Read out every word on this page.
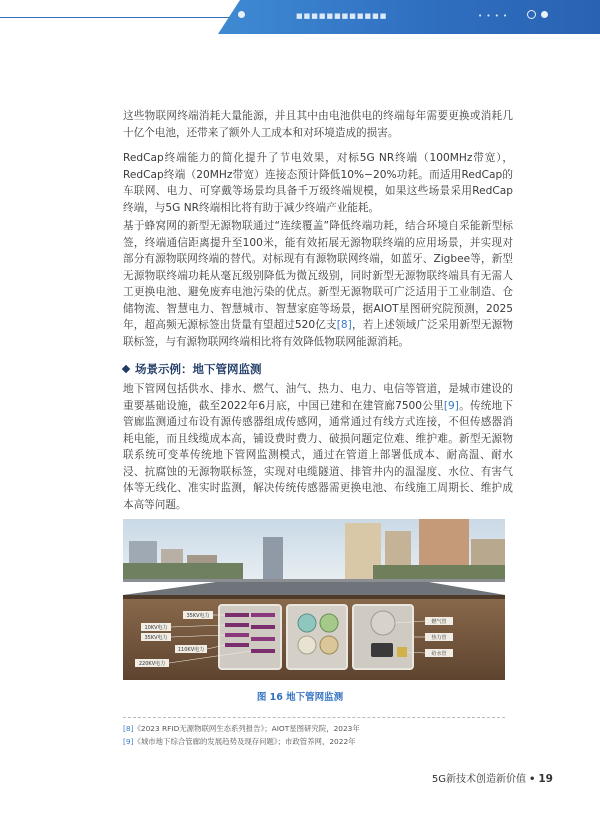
■■■■■■■■■■■■	• • • •

这些物联网终端消耗大量能源，并且其中由电池供电的终端每年需要更换或消耗几十亿个电池，还带来了额外人工成本和对环境造成的损害。

RedCap终端能力的简化提升了节电效果，对标5G NR终端（100MHz带宽），RedCap终端（20MHz带宽）连接态预计降低10%−20%功耗。而适用RedCap的车联网、电力、可穿戴等场景均具备千万级终端规模，如果这些场景采用RedCap终端，与5G NR终端相比将有助于减少终端产业能耗。

基于蜂窝网的新型无源物联通过“连续覆盖”降低终端功耗，结合环境自采能新型标签，终端通信距离提升至100米，能有效拓展无源物联终端的应用场景，并实现对部分有源物联网终端的替代。对标现有有源物联网终端，如蓝牙、Zigbee等，新型无源物联终端功耗从毫瓦级别降低为微瓦级别，同时新型无源物联终端具有无需人工更换电池、避免废弃电池污染的优点。新型无源物联可广泛适用于工业制造、仓储物流、智慧电力、智慧城市、智慧家庭等场景，据AIOT星图研究院预测，2025年，超高频无源标签出货量有望超过520亿支[8]，若上述领域广泛采用新型无源物联标签，与有源物联网终端相比将有效降低物联网能源消耗。

场景示例：地下管网监测

地下管网包括供水、排水、燃气、油气、热力、电力、电信等管道，是城市建设的重要基础设施，截至2022年6月底，中国已建和在建管廊7500公里[9]。传统地下管廊监测通过布设有源传感器组成传感网，通常通过有线方式连接，不但传感器消耗电能，而且线缆成本高，铺设费时费力、破损问题定位难、维护难。新型无源物联系统可变革传统地下管网监测模式，通过在管道上部署低成本、耐高温、耐水浸、抗腐蚀的无源物联标签，实现对电缆隧道、排管井内的温湿度、水位、有害气体等无线化、准实时监测，解决传统传感器需更换电池、布线施工周期长、维护成本高等问题。

35KV电力
10KV电力
35KV电力
110KV电力
220KV电力
燃气管
热力管
给水管
图 16 地下管网监测
[8]《2023 RFID无源物联网生态系列报告》；AIOT星图研究院，2023年
[9]《城市地下综合管廊的发展趋势及现存问题》；市政管养网，2022年
5G新技术创造新价值 • 19
